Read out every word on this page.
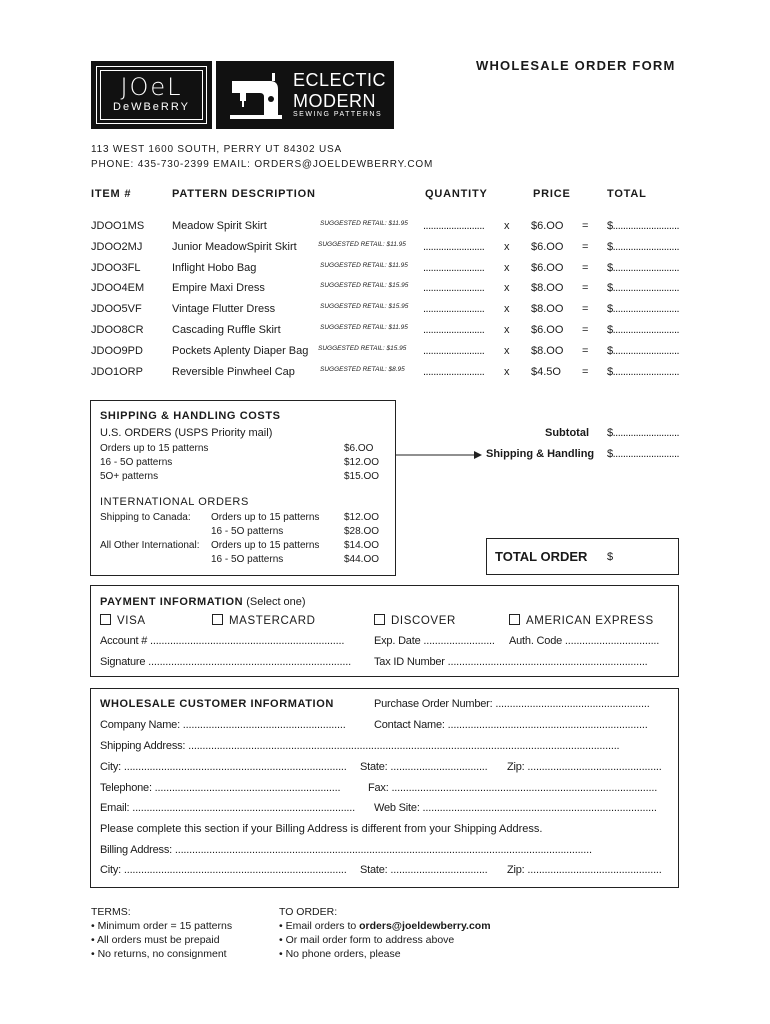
WHOLESALE ORDER FORM
JOeL
DeWBeRRY
ECLECTIC
MODERN
SEWING PATTERNS
113 WEST 1600 SOUTH, PERRY UT 84302 USA
PHONE: 435-730-2399 EMAIL: ORDERS@JOELDEWBERRY.COM
ITEM #	PATTERN DESCRIPTION	QUANTITY	PRICE	TOTAL
JDOO1MS	Meadow Spirit Skirt	SUGGESTED RETAIL: $11.95 ........................ x $6.OO = $..........................
JDOO2MJ	Junior MeadowSpirit Skirt	SUGGESTED RETAIL: $11.95 ........................ x $6.OO = $..........................
JDOO3FL	Inflight Hobo Bag	SUGGESTED RETAIL: $11.95 ........................ x $6.OO = $..........................
JDOO4EM	Empire Maxi Dress	SUGGESTED RETAIL: $15.95 ........................ x $8.OO = $..........................
JDOO5VF	Vintage Flutter Dress	SUGGESTED RETAIL: $15.95 ........................ x $8.OO = $..........................
JDOO8CR	Cascading Ruffle Skirt	SUGGESTED RETAIL: $11.95 ........................ x $6.OO = $..........................
JDOO9PD	Pockets Aplenty Diaper Bag SUGGESTED RETAIL: $15.95 ........................ x $8.OO = $..........................
JDO1ORP	Reversible Pinwheel Cap	SUGGESTED RETAIL: $8.95 ........................ x $4.5O = $..........................
SHIPPING & HANDLING COSTS
U.S. ORDERS (USPS Priority mail)
Orders up to 15 patterns	$6.OO
16 - 5O patterns	$12.OO
5O+ patterns	$15.OO
INTERNATIONAL ORDERS
Shipping to Canada: Orders up to 15 patterns $12.OO
16 - 5O patterns	$28.OO
All Other International: Orders up to 15 patterns $14.OO
16 - 5O patterns	$44.OO
Subtotal $..........................
Shipping & Handling $..........................
TOTAL ORDER $
PAYMENT INFORMATION (Select one)
VISA	MASTERCARD	DISCOVER	AMERICAN EXPRESS
Account # ....................................................................	Exp. Date ......................... Auth. Code .................................
Signature ....................................................................... Tax ID Number ......................................................................
WHOLESALE CUSTOMER INFORMATION	Purchase Order Number: ......................................................
Company Name: .........................................................	Contact Name: ......................................................................
Shipping Address: .......................................................................................................................................................
City: .............................................................................. State: .................................. Zip: ...............................................
Telephone: .................................................................	Fax: .............................................................................................
Email: .............................................................................. Web Site: ..................................................................................
Please complete this section if your Billing Address is different from your Shipping Address.
Billing Address: ..................................................................................................................................................
City: .............................................................................. State: .................................. Zip: ...............................................
TERMS:
• Minimum order = 15 patterns
• All orders must be prepaid
• No returns, no consignment
TO ORDER:
• Email orders to orders@joeldewberry.com
• Or mail order form to address above
• No phone orders, please
